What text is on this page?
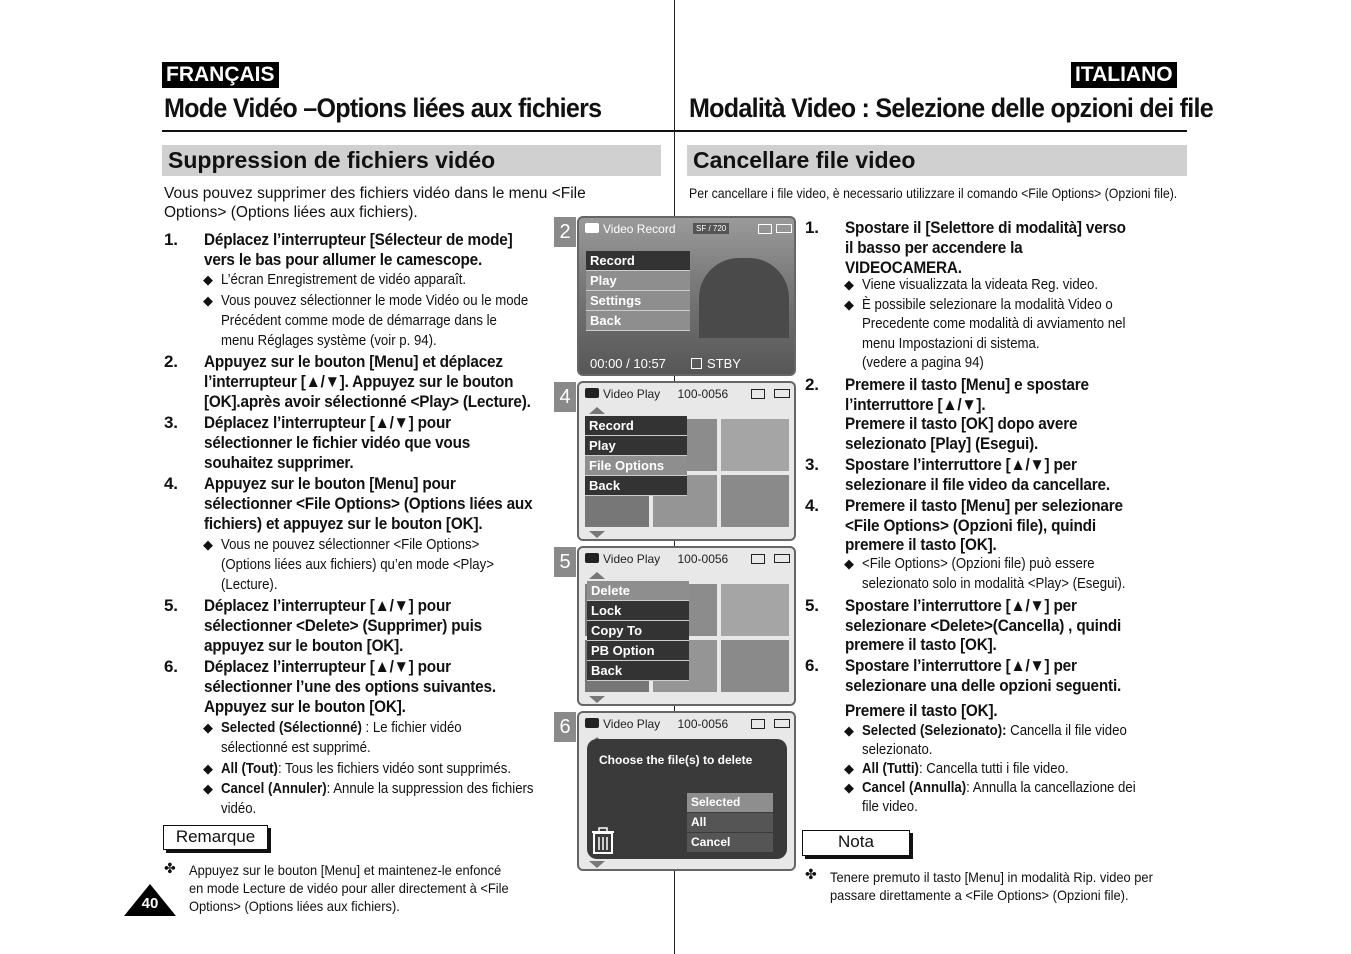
FRANÇAIS
Mode Vidéo –Options liées aux fichiers
Suppression de fichiers vidéo
Vous pouvez supprimer des fichiers vidéo dans le menu <File
Options> (Options liées aux fichiers).
1. Déplacez l’interrupteur [Sélecteur de mode]
vers le bas pour allumer le camescope.
◆ L’écran Enregistrement de vidéo apparaît.
◆ Vous pouvez sélectionner le mode Vidéo ou le mode
Précédent comme mode de démarrage dans le
menu Réglages système (voir p. 94).
2. Appuyez sur le bouton [Menu] et déplacez
l’interrupteur [▲/▼]. Appuyez sur le bouton
[OK].après avoir sélectionné <Play> (Lecture).
3. Déplacez l’interrupteur [▲/▼] pour
sélectionner le fichier vidéo que vous
souhaitez supprimer.
4. Appuyez sur le bouton [Menu] pour
sélectionner <File Options> (Options liées aux
fichiers) et appuyez sur le bouton [OK].
◆ Vous ne pouvez sélectionner <File Options>
(Options liées aux fichiers) qu’en mode <Play>
(Lecture).
5. Déplacez l’interrupteur [▲/▼] pour
sélectionner <Delete> (Supprimer) puis
appuyez sur le bouton [OK].
6. Déplacez l’interrupteur [▲/▼] pour
sélectionner l’une des options suivantes.
Appuyez sur le bouton [OK].
◆ Selected (Sélectionné) : Le fichier vidéo
sélectionné est supprimé.
◆ All (Tout): Tous les fichiers vidéo sont supprimés.
◆ Cancel (Annuler): Annule la suppression des fichiers
vidéo.
Remarque
✤ Appuyez sur le bouton [Menu] et maintenez-le enfoncé
en mode Lecture de vidéo pour aller directement à <File
Options> (Options liées aux fichiers).
40
2	Video Record	SF / 720
Record
Play
Settings
Back
00:00 / 10:57	STBY
4	Video Play 100-0056
Record
Play
File Options
Back
5	Video Play 100-0056
Delete
Lock
Copy To
PB Option
Back
6	Video Play 100-0056
Choose the file(s) to delete
Selected
All
Cancel
ITALIANO
Modalità Video : Selezione delle opzioni dei file
Cancellare file video
Per cancellare i file video, è necessario utilizzare il comando <File Options> (Opzioni file).
1. Spostare il [Selettore di modalità] verso
il basso per accendere la
VIDEOCAMERA.
◆ Viene visualizzata la videata Reg. video.
◆ È possibile selezionare la modalità Video o
Precedente come modalità di avviamento nel
menu Impostazioni di sistema.
(vedere a pagina 94)
2. Premere il tasto [Menu] e spostare
l’interruttore [▲/▼].
Premere il tasto [OK] dopo avere
selezionato [Play] (Esegui).
3. Spostare l’interruttore [▲/▼] per
selezionare il file video da cancellare.
4. Premere il tasto [Menu] per selezionare
<File Options> (Opzioni file), quindi
premere il tasto [OK].
◆ <File Options> (Opzioni file) può essere
selezionato solo in modalità <Play> (Esegui).
5. Spostare l’interruttore [▲/▼] per
selezionare <Delete>(Cancella) , quindi
premere il tasto [OK].
6. Spostare l’interruttore [▲/▼] per
selezionare una delle opzioni seguenti.
Premere il tasto [OK].
◆ Selected (Selezionato): Cancella il file video
selezionato.
◆ All (Tutti): Cancella tutti i file video.
◆ Cancel (Annulla): Annulla la cancellazione dei
file video.
Nota
✤ Tenere premuto il tasto [Menu] in modalità Rip. video per
passare direttamente a <File Options> (Opzioni file).
